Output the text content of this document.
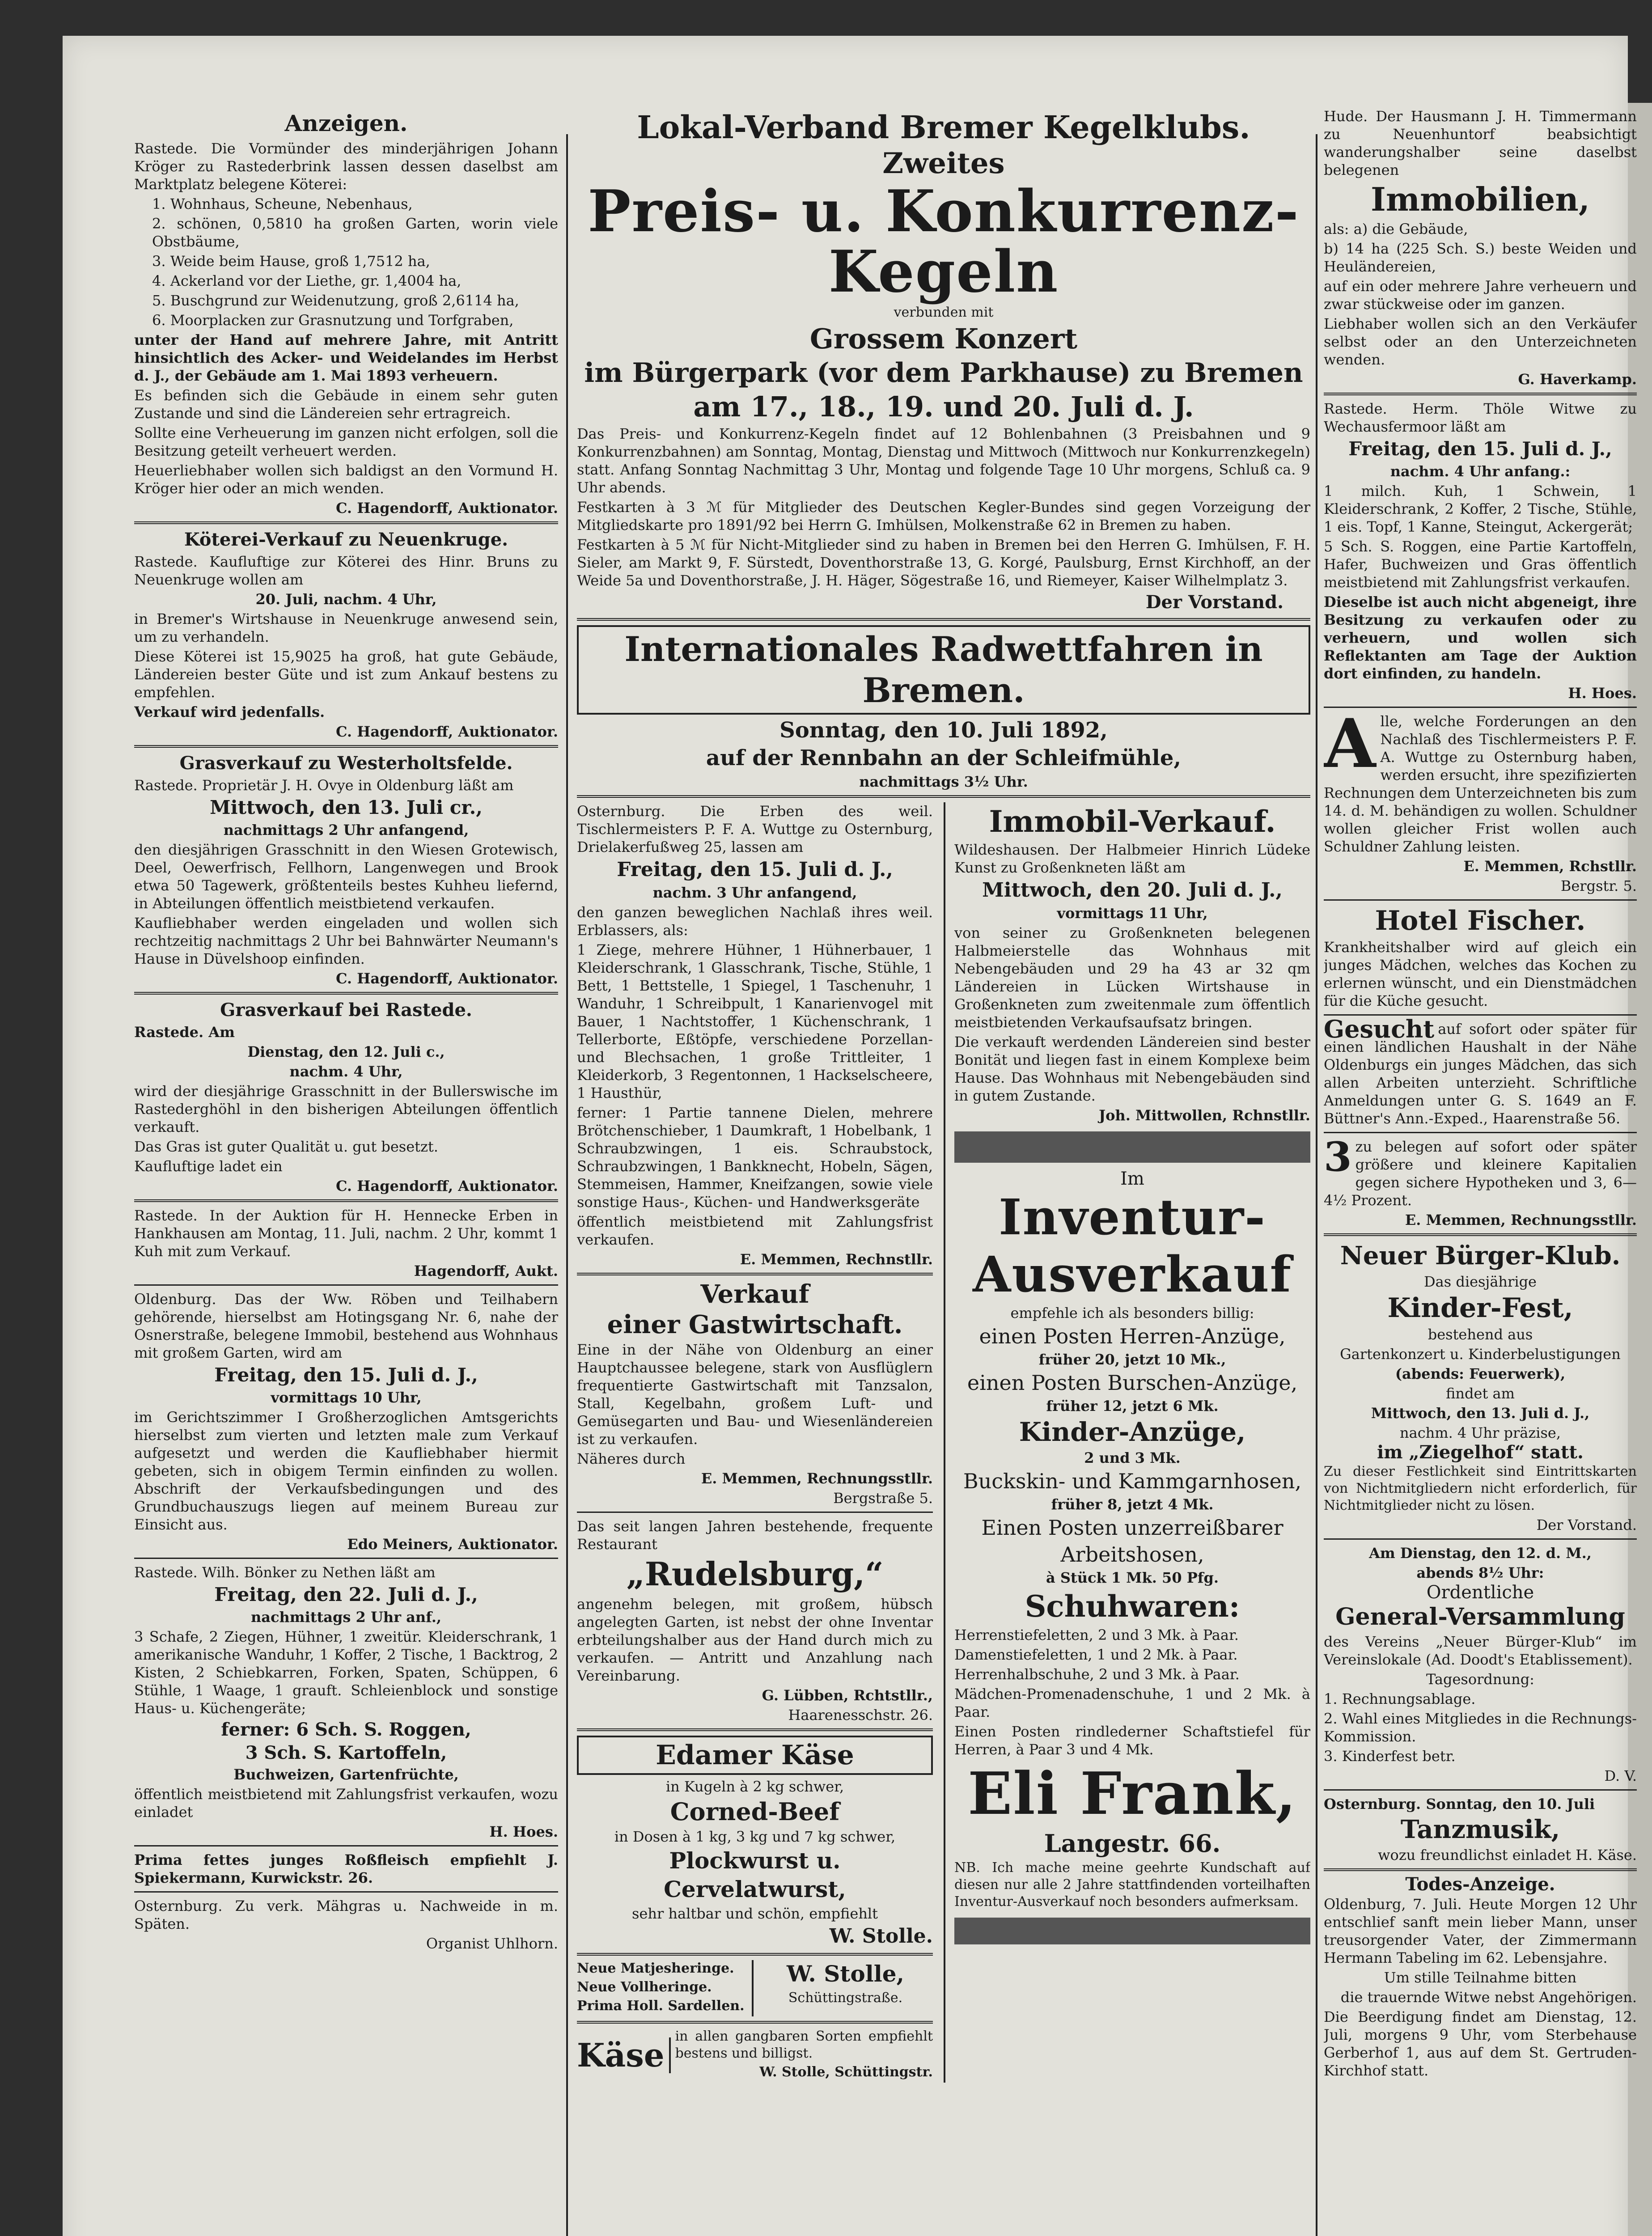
Anzeigen.

Rastede. Die Vormünder des minderjährigen Johann Kröger zu Rastederbrink lassen dessen daselbst am Marktplatz belegene Köterei:

1. Wohnhaus, Scheune, Nebenhaus,

2. schönen, 0,5810 ha großen Garten, worin viele Obstbäume,

3. Weide beim Hause, groß 1,7512 ha,

4. Ackerland vor der Liethe, gr. 1,4004 ha,

5. Buschgrund zur Weidenutzung, groß 2,6114 ha,

6. Moorplacken zur Grasnutzung und Torfgraben,

unter der Hand auf mehrere Jahre, mit Antritt hinsichtlich des Acker- und Weidelandes im Herbst d. J., der Gebäude am 1. Mai 1893 verheuern.

Es befinden sich die Gebäude in einem sehr guten Zustande und sind die Ländereien sehr ertragreich.

Sollte eine Verheuerung im ganzen nicht erfolgen, soll die Besitzung geteilt verheuert werden.

Heuerliebhaber wollen sich baldigst an den Vormund H. Kröger hier oder an mich wenden.

C. Hagendorff, Auktionator.

Köterei-Verkauf zu Neuenkruge.

Rastede. Kaufluftige zur Köterei des Hinr. Bruns zu Neuenkruge wollen am

20. Juli, nachm. 4 Uhr,

in Bremer's Wirtshause in Neuenkruge anwesend sein, um zu verhandeln.

Diese Köterei ist 15,9025 ha groß, hat gute Gebäude, Ländereien bester Güte und ist zum Ankauf bestens zu empfehlen.

Verkauf wird jedenfalls.

C. Hagendorff, Auktionator.

Grasverkauf zu Westerholtsfelde.

Rastede. Proprietär J. H. Ovye in Oldenburg läßt am

Mittwoch, den 13. Juli cr.,

nachmittags 2 Uhr anfangend,

den diesjährigen Grasschnitt in den Wiesen Grotewisch, Deel, Oewerfrisch, Fellhorn, Langenwegen und Brook etwa 50 Tagewerk, größtenteils bestes Kuhheu liefernd, in Abteilungen öffentlich meistbietend verkaufen.

Kaufliebhaber werden eingeladen und wollen sich rechtzeitig nachmittags 2 Uhr bei Bahnwärter Neumann's Hause in Düvelshoop einfinden.

C. Hagendorff, Auktionator.

Grasverkauf bei Rastede.

Rastede. Am

Dienstag, den 12. Juli c.,

nachm. 4 Uhr,

wird der diesjährige Grasschnitt in der Bullerswische im Rastederghöhl in den bisherigen Abteilungen öffentlich verkauft.

Das Gras ist guter Qualität u. gut besetzt.

Kaufluftige ladet ein

C. Hagendorff, Auktionator.

Rastede. In der Auktion für H. Hennecke Erben in Hankhausen am Montag, 11. Juli, nachm. 2 Uhr, kommt 1 Kuh mit zum Verkauf.

Hagendorff, Aukt.

Oldenburg. Das der Ww. Röben und Teilhabern gehörende, hierselbst am Hotingsgang Nr. 6, nahe der Osnerstraße, belegene Immobil, bestehend aus Wohnhaus mit großem Garten, wird am

Freitag, den 15. Juli d. J.,

vormittags 10 Uhr,

im Gerichtszimmer I Großherzoglichen Amtsgerichts hierselbst zum vierten und letzten male zum Verkauf aufgesetzt und werden die Kaufliebhaber hiermit gebeten, sich in obigem Termin einfinden zu wollen. Abschrift der Verkaufsbedingungen und des Grundbuchauszugs liegen auf meinem Bureau zur Einsicht aus.

Edo Meiners, Auktionator.

Rastede. Wilh. Bönker zu Nethen läßt am

Freitag, den 22. Juli d. J.,

nachmittags 2 Uhr anf.,

3 Schafe, 2 Ziegen, Hühner, 1 zweitür. Kleiderschrank, 1 amerikanische Wanduhr, 1 Koffer, 2 Tische, 1 Backtrog, 2 Kisten, 2 Schiebkarren, Forken, Spaten, Schüppen, 6 Stühle, 1 Waage, 1 grauft. Schleienblock und sonstige Haus- u. Küchengeräte;

ferner: 6 Sch. S. Roggen,

3 Sch. S. Kartoffeln,

Buchweizen, Gartenfrüchte,

öffentlich meistbietend mit Zahlungsfrist verkaufen, wozu einladet

H. Hoes.

Prima fettes junges Roßfleisch empfiehlt J. Spiekermann, Kurwickstr. 26.

Osternburg. Zu verk. Mähgras u. Nachweide in m. Späten.

Organist Uhlhorn.

Lokal-Verband Bremer Kegelklubs.
Zweites
Preis- u. Konkurrenz-Kegeln

verbunden mit

Grossem Konzert
im Bürgerpark (vor dem Parkhause) zu Bremen
am 17., 18., 19. und 20. Juli d. J.

Das Preis- und Konkurrenz-Kegeln findet auf 12 Bohlenbahnen (3 Preisbahnen und 9 Konkurrenzbahnen) am Sonntag, Montag, Dienstag und Mittwoch (Mittwoch nur Konkurrenzkegeln) statt. Anfang Sonntag Nachmittag 3 Uhr, Montag und folgende Tage 10 Uhr morgens, Schluß ca. 9 Uhr abends.

Festkarten à 3 ℳ für Mitglieder des Deutschen Kegler-Bundes sind gegen Vorzeigung der Mitgliedskarte pro 1891/92 bei Herrn G. Imhülsen, Molkenstraße 62 in Bremen zu haben.

Festkarten à 5 ℳ für Nicht-Mitglieder sind zu haben in Bremen bei den Herren G. Imhülsen, F. H. Sieler, am Markt 9, F. Sürstedt, Doventhorstraße 13, G. Korgé, Paulsburg, Ernst Kirchhoff, an der Weide 5a und Doventhorstraße, J. H. Häger, Sögestraße 16, und Riemeyer, Kaiser Wilhelmplatz 3.

Der Vorstand.

Internationales Radwettfahren in Bremen.

Sonntag, den 10. Juli 1892,

auf der Rennbahn an der Schleifmühle,

nachmittags 3½ Uhr.

Osternburg. Die Erben des weil. Tischlermeisters P. F. A. Wuttge zu Osternburg, Drielakerfußweg 25, lassen am

Freitag, den 15. Juli d. J.,

nachm. 3 Uhr anfangend,

den ganzen beweglichen Nachlaß ihres weil. Erblassers, als:

1 Ziege, mehrere Hühner, 1 Hühnerbauer, 1 Kleiderschrank, 1 Glasschrank, Tische, Stühle, 1 Bett, 1 Bettstelle, 1 Spiegel, 1 Taschenuhr, 1 Wanduhr, 1 Schreibpult, 1 Kanarienvogel mit Bauer, 1 Nachtstoffer, 1 Küchenschrank, 1 Tellerborte, Eßtöpfe, verschiedene Porzellan- und Blechsachen, 1 große Trittleiter, 1 Kleiderkorb, 3 Regentonnen, 1 Hackselscheere, 1 Hausthür,

ferner: 1 Partie tannene Dielen, mehrere Brötchenschieber, 1 Daumkraft, 1 Hobelbank, 1 Schraubzwingen, 1 eis. Schraubstock, Schraubzwingen, 1 Bankknecht, Hobeln, Sägen, Stemmeisen, Hammer, Kneifzangen, sowie viele sonstige Haus-, Küchen- und Handwerksgeräte

öffentlich meistbietend mit Zahlungsfrist verkaufen.

E. Memmen, Rechnstllr.

Verkauf
einer Gastwirtschaft.

Eine in der Nähe von Oldenburg an einer Hauptchaussee belegene, stark von Ausflüglern frequentierte Gastwirtschaft mit Tanzsalon, Stall, Kegelbahn, großem Luft- und Gemüsegarten und Bau- und Wiesenländereien ist zu verkaufen.

Näheres durch

E. Memmen, Rechnungsstllr.

Bergstraße 5.

Das seit langen Jahren bestehende, frequente Restaurant

„Rudelsburg,“

angenehm belegen, mit großem, hübsch angelegten Garten, ist nebst der ohne Inventar erbteilungshalber aus der Hand durch mich zu verkaufen. — Antritt und Anzahlung nach Vereinbarung.

G. Lübben, Rchtstllr.,

Haarenesschstr. 26.

Edamer Käse

in Kugeln à 2 kg schwer,

Corned-Beef

in Dosen à 1 kg, 3 kg und 7 kg schwer,

Plockwurst u.
Cervelatwurst,

sehr haltbar und schön, empfiehlt

W. Stolle.

Neue Matjesheringe.

Neue Vollheringe.

Prima Holl. Sardellen.

W. Stolle,

Schüttingstraße.

Käse in allen gangbaren Sorten empfiehlt bestens und billigst.

W. Stolle, Schüttingstr.

Immobil-Verkauf.

Wildeshausen. Der Halbmeier Hinrich Lüdeke Kunst zu Großenkneten läßt am

Mittwoch, den 20. Juli d. J.,

vormittags 11 Uhr,

von seiner zu Großenkneten belegenen Halbmeierstelle das Wohnhaus mit Nebengebäuden und 29 ha 43 ar 32 qm Ländereien in Lücken Wirtshause in Großenkneten zum zweitenmale zum öffentlich meistbietenden Verkaufsaufsatz bringen.

Die verkauft werdenden Ländereien sind bester Bonität und liegen fast in einem Komplexe beim Hause. Das Wohnhaus mit Nebengebäuden sind in gutem Zustande.

Joh. Mittwollen, Rchnstllr.

Im

Inventur-
Ausverkauf

empfehle ich als besonders billig:

einen Posten Herren-Anzüge,

früher 20, jetzt 10 Mk.,

einen Posten Burschen-Anzüge,

früher 12, jetzt 6 Mk.

Kinder-Anzüge,

2 und 3 Mk.

Buckskin- und Kammgarnhosen,

früher 8, jetzt 4 Mk.

Einen Posten unzerreißbarer

Arbeitshosen,

à Stück 1 Mk. 50 Pfg.

Schuhwaren:

Herrenstiefeletten, 2 und 3 Mk. à Paar.

Damenstiefeletten, 1 und 2 Mk. à Paar.

Herrenhalbschuhe, 2 und 3 Mk. à Paar.

Mädchen-Promenadenschuhe, 1 und 2 Mk. à Paar.

Einen Posten rindlederner Schaftstiefel für Herren, à Paar 3 und 4 Mk.

Eli Frank,

Langestr. 66.

NB. Ich mache meine geehrte Kundschaft auf diesen nur alle 2 Jahre stattfindenden vorteilhaften Inventur-Ausverkauf noch besonders aufmerksam.

Hude. Der Hausmann J. H. Timmermann zu Neuenhuntorf beabsichtigt wanderungshalber seine daselbst belegenen

Immobilien,

als: a) die Gebäude,

b) 14 ha (225 Sch. S.) beste Weiden und Heuländereien,

auf ein oder mehrere Jahre verheuern und zwar stückweise oder im ganzen.

Liebhaber wollen sich an den Verkäufer selbst oder an den Unterzeichneten wenden.

G. Haverkamp.

Rastede. Herm. Thöle Witwe zu Wechausfermoor läßt am

Freitag, den 15. Juli d. J.,

nachm. 4 Uhr anfang.:

1 milch. Kuh, 1 Schwein, 1 Kleiderschrank, 2 Koffer, 2 Tische, Stühle, 1 eis. Topf, 1 Kanne, Steingut, Ackergerät;

5 Sch. S. Roggen, eine Partie Kartoffeln, Hafer, Buchweizen und Gras öffentlich meistbietend mit Zahlungsfrist verkaufen.

Dieselbe ist auch nicht abgeneigt, ihre Besitzung zu verkaufen oder zu verheuern, und wollen sich Reflektanten am Tage der Auktion dort einfinden, zu handeln.

H. Hoes.

A lle, welche Forderungen an den Nachlaß des Tischlermeisters P. F. A. Wuttge zu Osternburg haben, werden ersucht, ihre spezifizierten Rechnungen dem Unterzeichneten bis zum 14. d. M. behändigen zu wollen. Schuldner wollen gleicher Frist wollen auch Schuldner Zahlung leisten.

E. Memmen, Rchstllr.

Bergstr. 5.

Hotel Fischer.

Krankheitshalber wird auf gleich ein junges Mädchen, welches das Kochen zu erlernen wünscht, und ein Dienstmädchen für die Küche gesucht.

Gesucht auf sofort oder später für einen ländlichen Haushalt in der Nähe Oldenburgs ein junges Mädchen, das sich allen Arbeiten unterzieht. Schriftliche Anmeldungen unter G. S. 1649 an F. Büttner's Ann.-Exped., Haarenstraße 56.

3 zu belegen auf sofort oder später größere und kleinere Kapitalien gegen sichere Hypotheken und 3, 6—4½ Prozent.

E. Memmen, Rechnungsstllr.

Neuer Bürger-Klub.

Das diesjährige

Kinder-Fest,

bestehend aus

Gartenkonzert u. Kinderbelustigungen

(abends: Feuerwerk),

findet am

Mittwoch, den 13. Juli d. J.,

nachm. 4 Uhr präzise,

im „Ziegelhof“ statt.

Zu dieser Festlichkeit sind Eintrittskarten von Nichtmitgliedern nicht erforderlich, für Nichtmitglieder nicht zu lösen.

Der Vorstand.

Am Dienstag, den 12. d. M.,

abends 8½ Uhr:

Ordentliche

General-Versammlung

des Vereins „Neuer Bürger-Klub“ im Vereinslokale (Ad. Doodt's Etablissement).

Tagesordnung:

1. Rechnungsablage.

2. Wahl eines Mitgliedes in die Rechnungs-Kommission.

3. Kinderfest betr.

D. V.

Osternburg. Sonntag, den 10. Juli

Tanzmusik,

wozu freundlichst einladet H. Käse.

Todes-Anzeige.

Oldenburg, 7. Juli. Heute Morgen 12 Uhr entschlief sanft mein lieber Mann, unser treusorgender Vater, der Zimmermann Hermann Tabeling im 62. Lebensjahre.

Um stille Teilnahme bitten

die trauernde Witwe nebst Angehörigen.

Die Beerdigung findet am Dienstag, 12. Juli, morgens 9 Uhr, vom Sterbehause Gerberhof 1, aus auf dem St. Gertruden-Kirchhof statt.
